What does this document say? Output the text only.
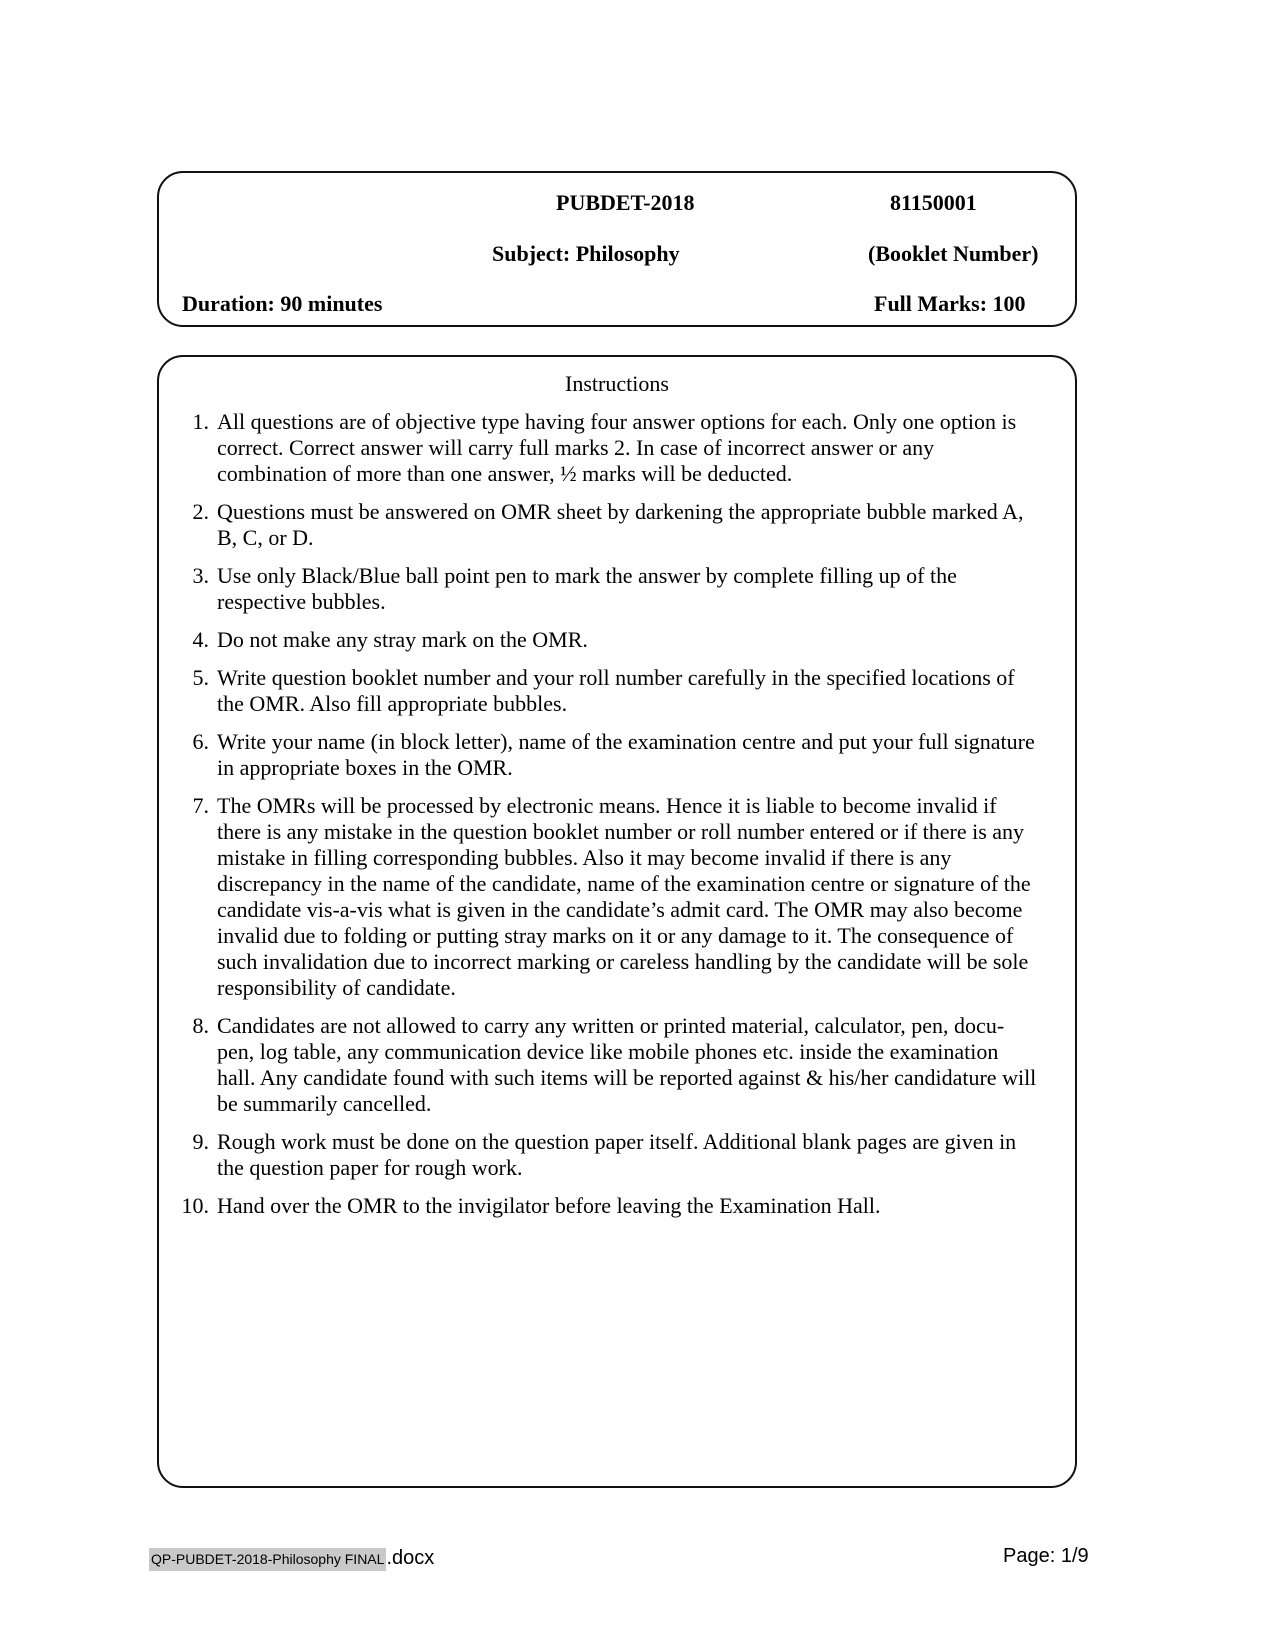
PUBDET-2018	81150001
Subject: Philosophy	(Booklet Number)
Duration: 90 minutes	Full Marks: 100
Instructions
1. All questions are of objective type having four answer options for each. Only one option is correct. Correct answer will carry full marks 2. In case of incorrect answer or any combination of more than one answer, ½ marks will be deducted.
2. Questions must be answered on OMR sheet by darkening the appropriate bubble marked A, B, C, or D.
3. Use only Black/Blue ball point pen to mark the answer by complete filling up of the respective bubbles.
4. Do not make any stray mark on the OMR.
5. Write question booklet number and your roll number carefully in the specified locations of the OMR. Also fill appropriate bubbles.
6. Write your name (in block letter), name of the examination centre and put your full signature in appropriate boxes in the OMR.
7. The OMRs will be processed by electronic means. Hence it is liable to become invalid if there is any mistake in the question booklet number or roll number entered or if there is any mistake in filling corresponding bubbles. Also it may become invalid if there is any discrepancy in the name of the candidate, name of the examination centre or signature of the candidate vis-a-vis what is given in the candidate’s admit card. The OMR may also become invalid due to folding or putting stray marks on it or any damage to it. The consequence of such invalidation due to incorrect marking or careless handling by the candidate will be sole responsibility of candidate.
8. Candidates are not allowed to carry any written or printed material, calculator, pen, docu-pen, log table, any communication device like mobile phones etc. inside the examination hall. Any candidate found with such items will be reported against & his/her candidature will be summarily cancelled.
9. Rough work must be done on the question paper itself. Additional blank pages are given in the question paper for rough work.
10. Hand over the OMR to the invigilator before leaving the Examination Hall.
QP-PUBDET-2018-Philosophy FINAL .docx	Page: 1/9
